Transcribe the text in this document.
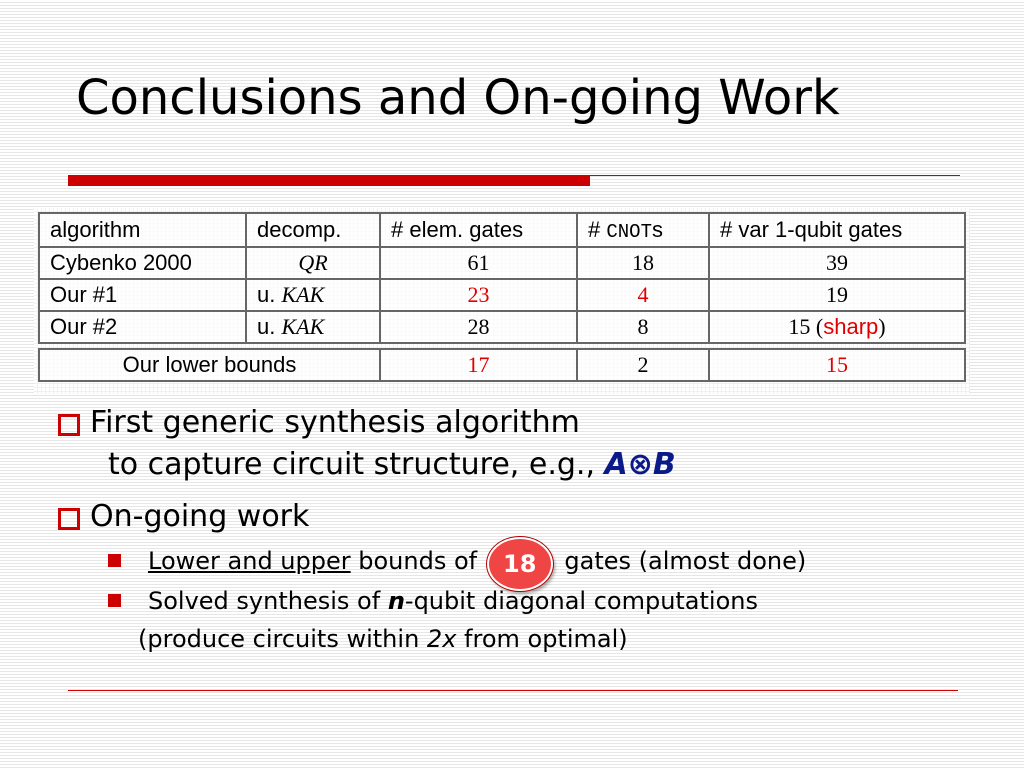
Conclusions and On-going Work
algorithm	decomp.	# elem. gates	# CNOTs	# var 1-qubit gates
Cybenko 2000	QR	61	18	39
Our #1	u. KAK	23	4	19
Our #2	u. KAK	28	8	15 (sharp)

Our lower bounds		17	2	15
First generic synthesis algorithm
to capture circuit structure, e.g., A⊗B
On-going work
Lower and upper bounds of 18 gates (almost done)
Solved synthesis of n-qubit diagonal computations
(produce circuits within 2x from optimal)
